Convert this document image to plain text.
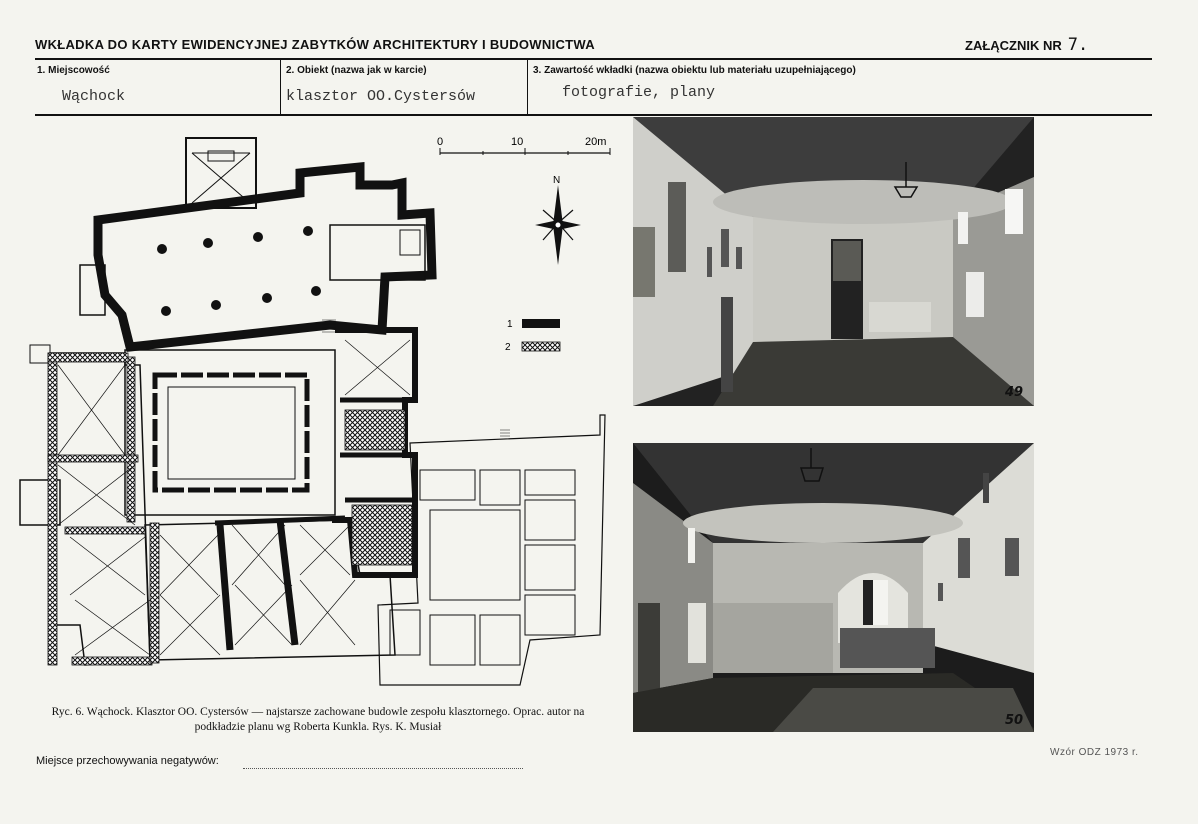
WKŁADKA DO KARTY EWIDENCYJNEJ ZABYTKÓW ARCHITEKTURY I BUDOWNICTWA	ZAŁĄCZNIK NR 7.
1. Miejscowość
Wąchock
2. Obiekt (nazwa jak w karcie)
klasztor OO.Cystersów
3. Zawartość wkładki (nazwa obiektu lub materiału uzupełniającego)
fotografie, plany
0	10	20m
N
1
2
Ryc. 6. Wąchock. Klasztor OO. Cystersów — najstarsze zachowane budowle zespołu klasztornego. Oprac. autor na
podkładzie planu wg Roberta Kunkla. Rys. K. Musiał
49
50
Miejsce przechowywania negatywów:
Wzór ODZ 1973 r.
